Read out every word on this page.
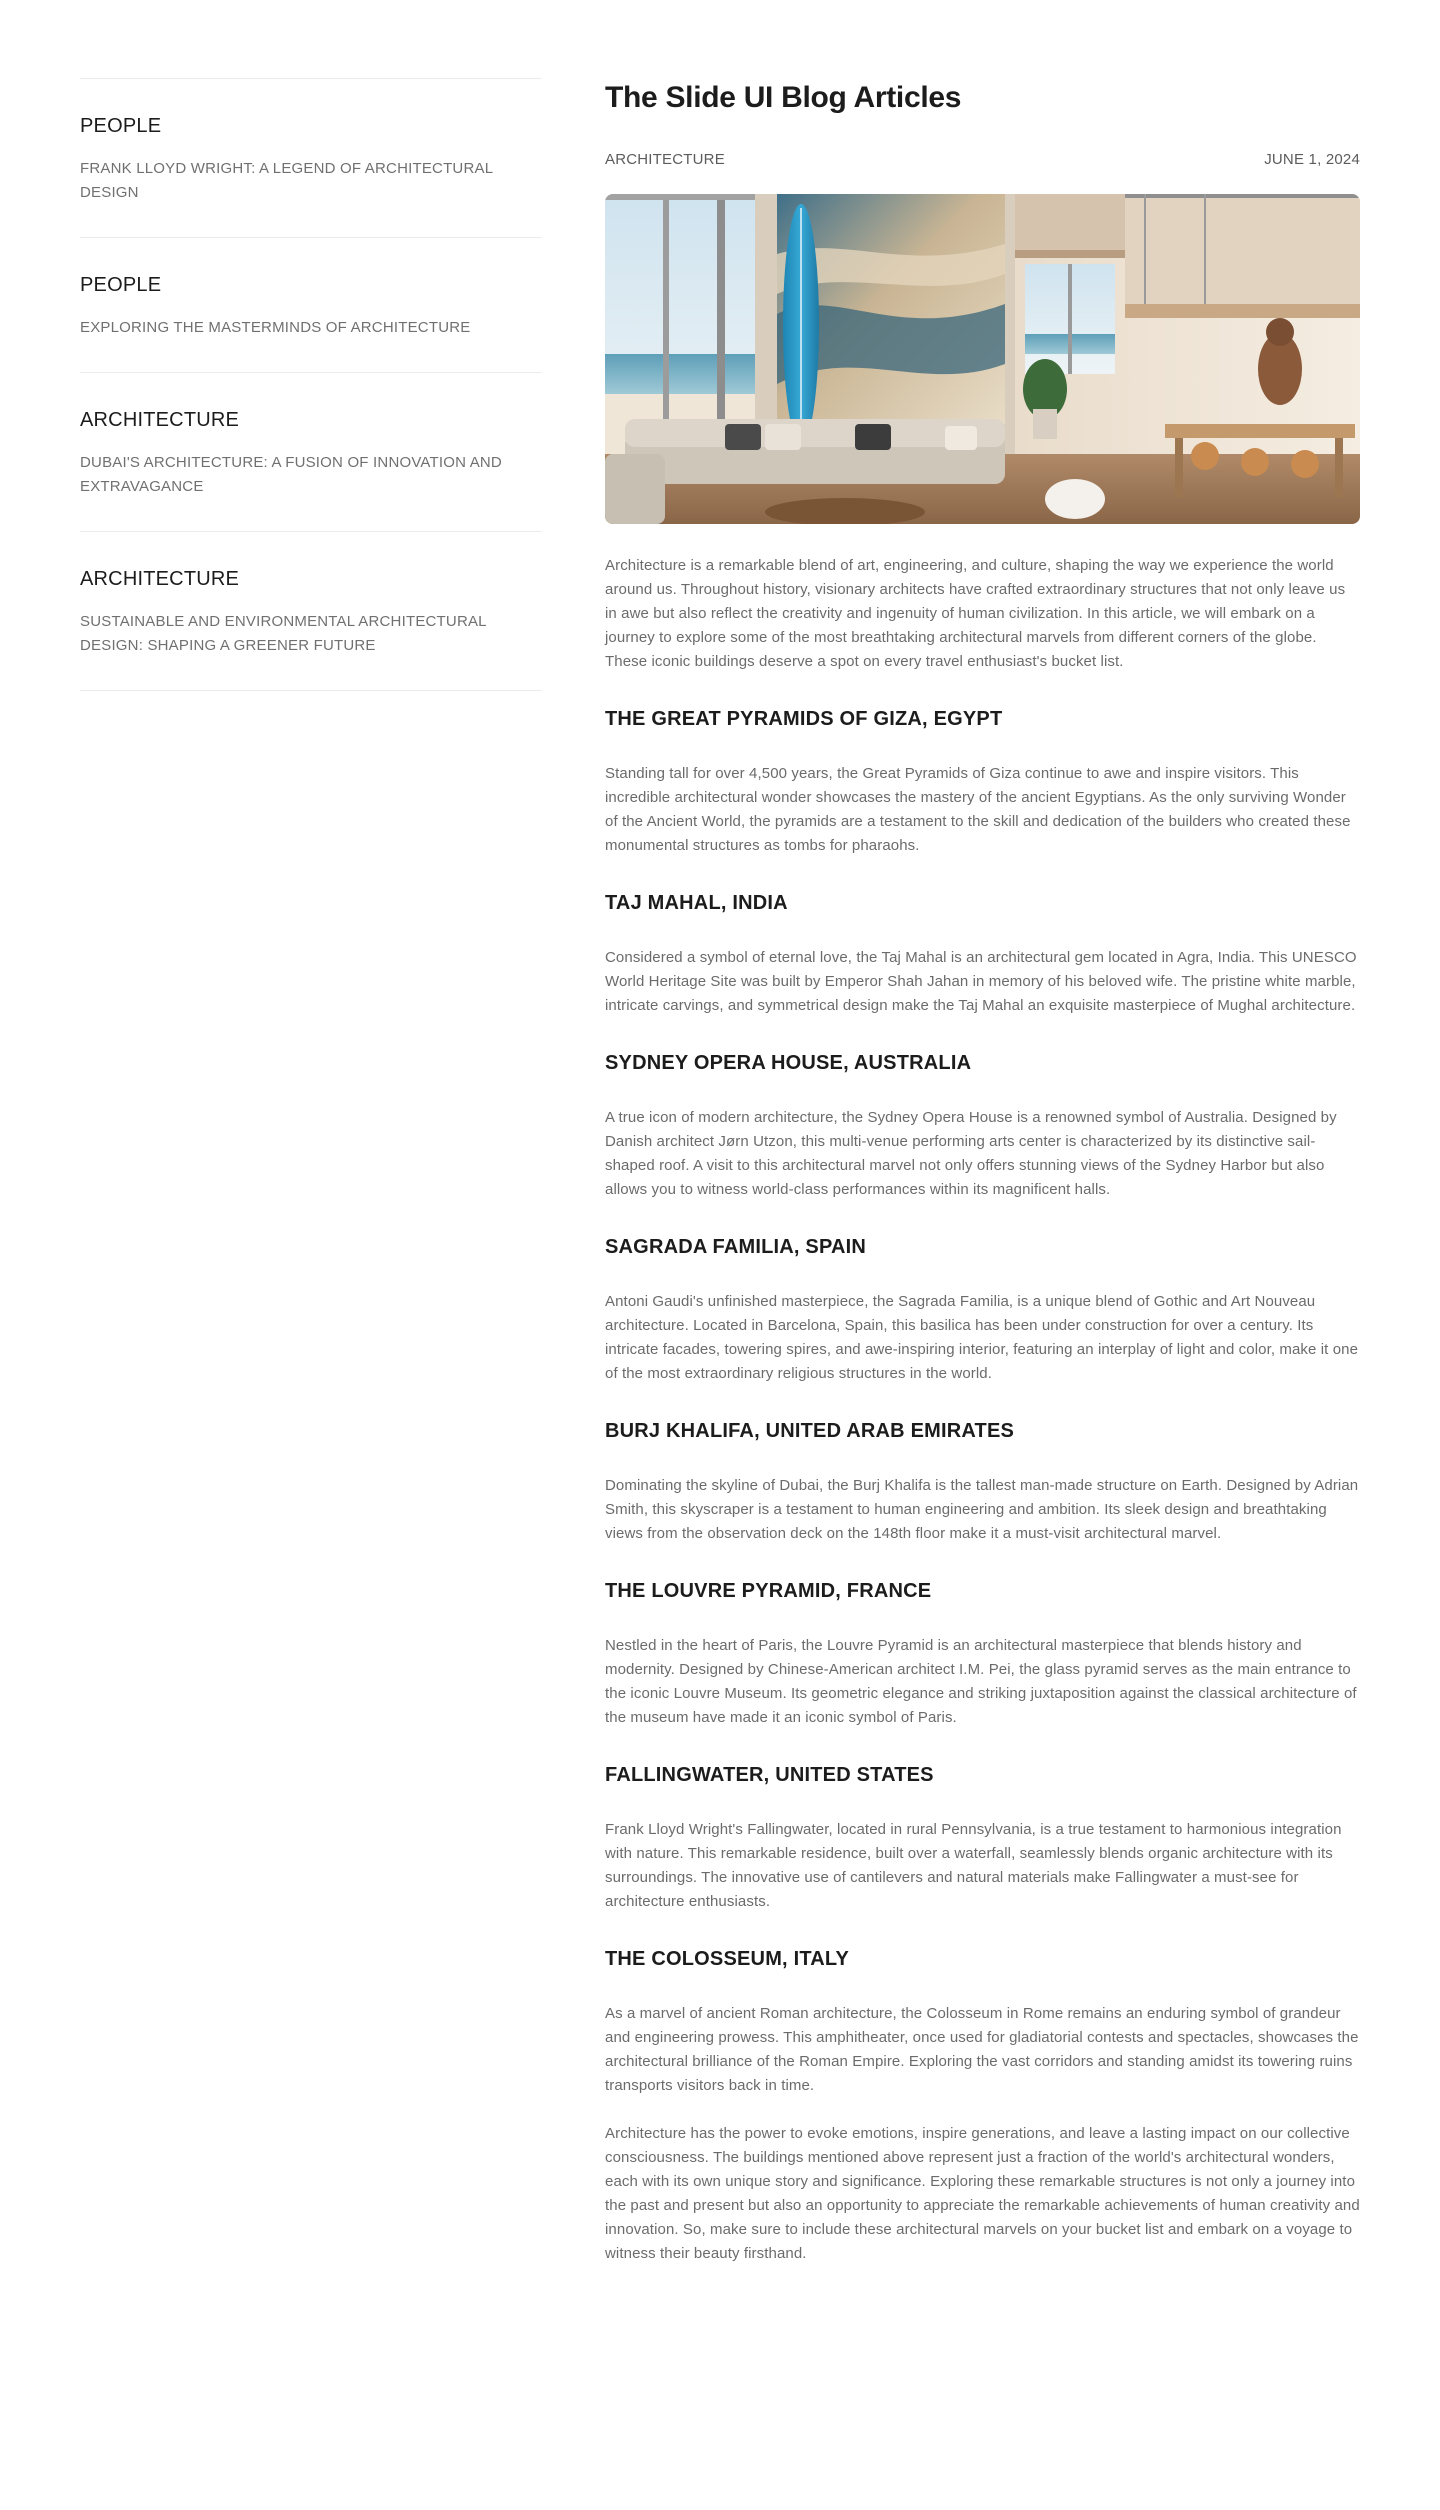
PEOPLE
FRANK LLOYD WRIGHT: A LEGEND OF ARCHITECTURAL DESIGN
PEOPLE
EXPLORING THE MASTERMINDS OF ARCHITECTURE
ARCHITECTURE
DUBAI'S ARCHITECTURE: A FUSION OF INNOVATION AND EXTRAVAGANCE
ARCHITECTURE
SUSTAINABLE AND ENVIRONMENTAL ARCHITECTURAL DESIGN: SHAPING A GREENER FUTURE
The Slide UI Blog Articles
ARCHITECTURE	JUNE 1, 2024
Architecture is a remarkable blend of art, engineering, and culture, shaping the way we experience the world around us. Throughout history, visionary architects have crafted extraordinary structures that not only leave us in awe but also reflect the creativity and ingenuity of human civilization. In this article, we will embark on a journey to explore some of the most breathtaking architectural marvels from different corners of the globe. These iconic buildings deserve a spot on every travel enthusiast's bucket list.
THE GREAT PYRAMIDS OF GIZA, EGYPT

Standing tall for over 4,500 years, the Great Pyramids of Giza continue to awe and inspire visitors. This incredible architectural wonder showcases the mastery of the ancient Egyptians. As the only surviving Wonder of the Ancient World, the pyramids are a testament to the skill and dedication of the builders who created these monumental structures as tombs for pharaohs.

TAJ MAHAL, INDIA

Considered a symbol of eternal love, the Taj Mahal is an architectural gem located in Agra, India. This UNESCO World Heritage Site was built by Emperor Shah Jahan in memory of his beloved wife. The pristine white marble, intricate carvings, and symmetrical design make the Taj Mahal an exquisite masterpiece of Mughal architecture.

SYDNEY OPERA HOUSE, AUSTRALIA

A true icon of modern architecture, the Sydney Opera House is a renowned symbol of Australia. Designed by Danish architect Jørn Utzon, this multi-venue performing arts center is characterized by its distinctive sail-shaped roof. A visit to this architectural marvel not only offers stunning views of the Sydney Harbor but also allows you to witness world-class performances within its magnificent halls.

SAGRADA FAMILIA, SPAIN

Antoni Gaudi's unfinished masterpiece, the Sagrada Familia, is a unique blend of Gothic and Art Nouveau architecture. Located in Barcelona, Spain, this basilica has been under construction for over a century. Its intricate facades, towering spires, and awe-inspiring interior, featuring an interplay of light and color, make it one of the most extraordinary religious structures in the world.

BURJ KHALIFA, UNITED ARAB EMIRATES

Dominating the skyline of Dubai, the Burj Khalifa is the tallest man-made structure on Earth. Designed by Adrian Smith, this skyscraper is a testament to human engineering and ambition. Its sleek design and breathtaking views from the observation deck on the 148th floor make it a must-visit architectural marvel.

THE LOUVRE PYRAMID, FRANCE

Nestled in the heart of Paris, the Louvre Pyramid is an architectural masterpiece that blends history and modernity. Designed by Chinese-American architect I.M. Pei, the glass pyramid serves as the main entrance to the iconic Louvre Museum. Its geometric elegance and striking juxtaposition against the classical architecture of the museum have made it an iconic symbol of Paris.

FALLINGWATER, UNITED STATES

Frank Lloyd Wright's Fallingwater, located in rural Pennsylvania, is a true testament to harmonious integration with nature. This remarkable residence, built over a waterfall, seamlessly blends organic architecture with its surroundings. The innovative use of cantilevers and natural materials make Fallingwater a must-see for architecture enthusiasts.

THE COLOSSEUM, ITALY

As a marvel of ancient Roman architecture, the Colosseum in Rome remains an enduring symbol of grandeur and engineering prowess. This amphitheater, once used for gladiatorial contests and spectacles, showcases the architectural brilliance of the Roman Empire. Exploring the vast corridors and standing amidst its towering ruins transports visitors back in time.

Architecture has the power to evoke emotions, inspire generations, and leave a lasting impact on our collective consciousness. The buildings mentioned above represent just a fraction of the world's architectural wonders, each with its own unique story and significance. Exploring these remarkable structures is not only a journey into the past and present but also an opportunity to appreciate the remarkable achievements of human creativity and innovation. So, make sure to include these architectural marvels on your bucket list and embark on a voyage to witness their beauty firsthand.
